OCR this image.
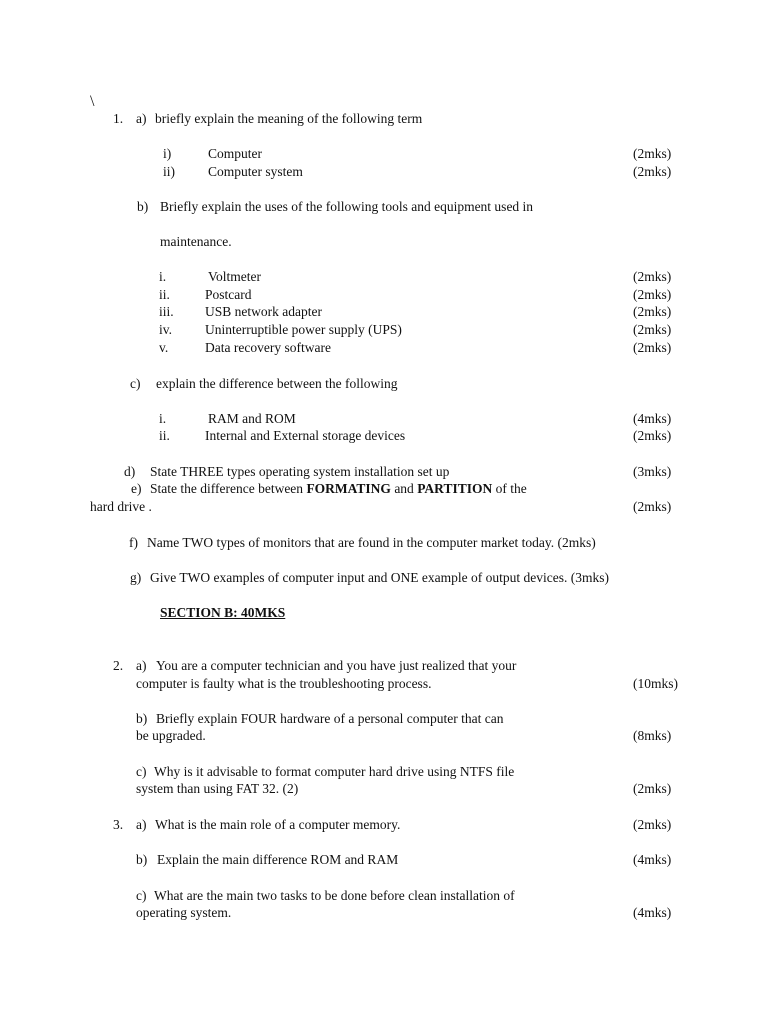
\
1. a) briefly explain the meaning of the following term
i)	Computer	(2mks)
ii) Computer system	(2mks)
b) Briefly explain the uses of the following tools and equipment used in
maintenance.
i.	Voltmeter	(2mks)
ii.	Postcard	(2mks)
iii. USB network adapter	(2mks)
iv. Uninterruptible power supply (UPS)	(2mks)
v.	Data recovery software	(2mks)
c) explain the difference between the following
i.	RAM and ROM	(4mks)
ii.	Internal and External storage devices	(2mks)
d) State THREE types operating system installation set up	(3mks)
e) State the difference between FORMATING and PARTITION of the
hard drive .	(2mks)
f) Name TWO types of monitors that are found in the computer market today. (2mks)
g) Give TWO examples of computer input and ONE example of output devices. (3mks)
SECTION B: 40MKS
2. a) You are a computer technician and you have just realized that your
computer is faulty what is the troubleshooting process.	(10mks)
b) Briefly explain FOUR hardware of a personal computer that can
be upgraded.	(8mks)
c) Why is it advisable to format computer hard drive using NTFS file
system than using FAT 32. (2)	(2mks)
3. a) What is the main role of a computer memory.	(2mks)
b) Explain the main difference ROM and RAM	(4mks)
c) What are the main two tasks to be done before clean installation of
operating system.	(4mks)
